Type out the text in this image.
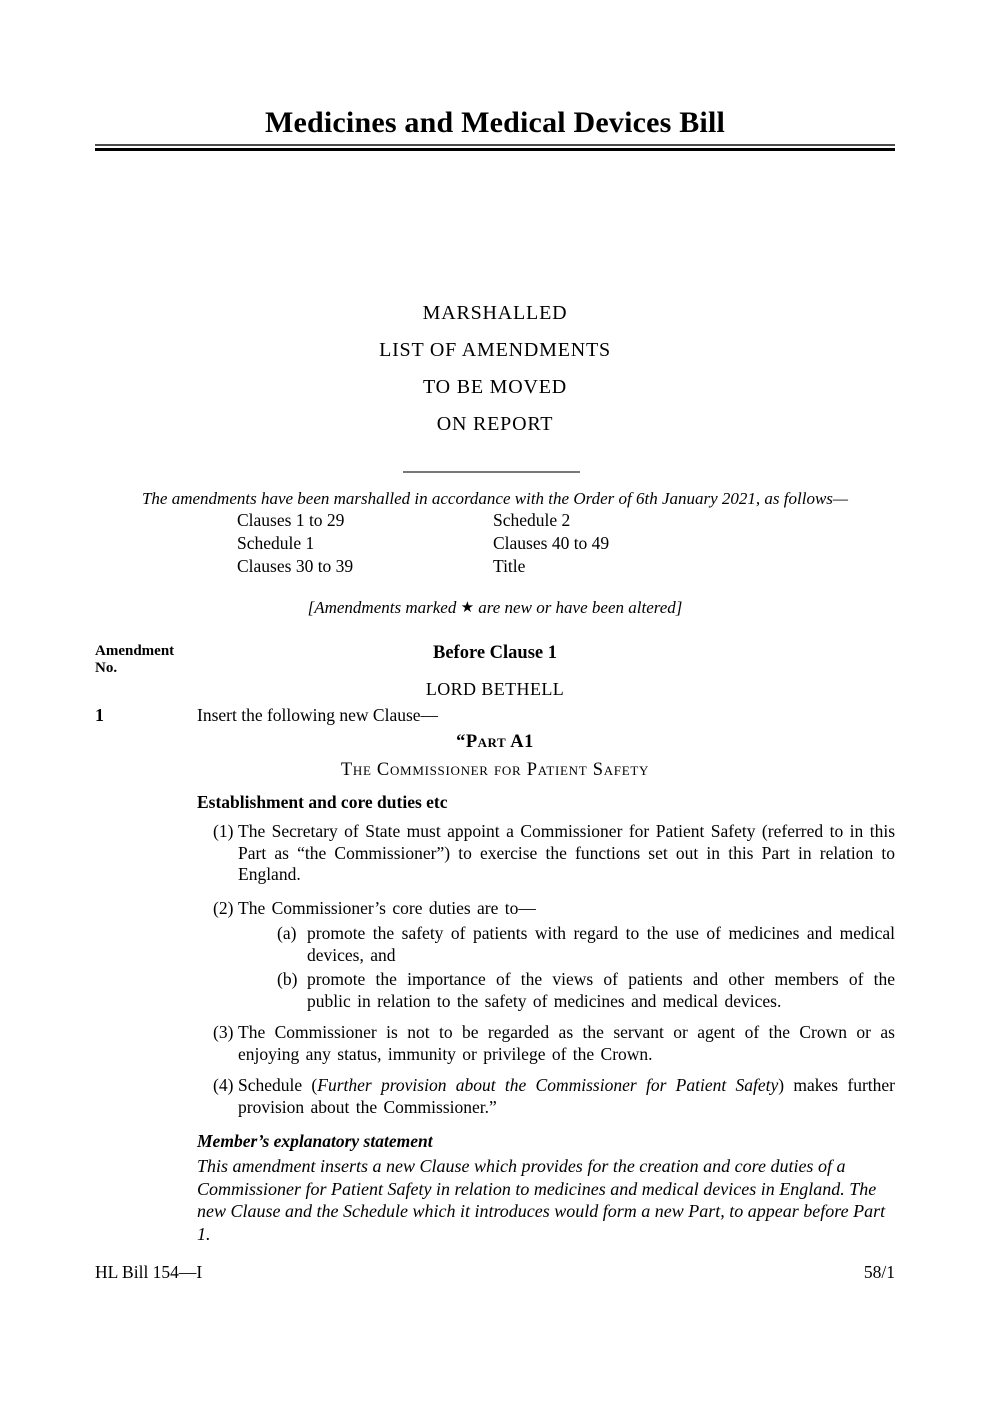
Medicines and Medical Devices Bill
MARSHALLED
LIST OF AMENDMENTS
TO BE MOVED
ON REPORT

The amendments have been marshalled in accordance with the Order of 6th January 2021, as follows—

Clauses 1 to 29
Schedule 1
Clauses 30 to 39
Schedule 2
Clauses 40 to 49
Title

[Amendments marked ★ are new or have been altered]

Amendment
No.
Before Clause 1
LORD BETHELL
1	Insert the following new Clause—
“Part A1
The Commissioner for Patient Safety
Establishment and core duties etc
(1) The Secretary of State must appoint a Commissioner for Patient Safety (referred to in this Part as “the Commissioner”) to exercise the functions set out in this Part in relation to England.
(2) The Commissioner’s core duties are to—
(a) promote the safety of patients with regard to the use of medicines and medical devices, and
(b) promote the importance of the views of patients and other members of the public in relation to the safety of medicines and medical devices.
(3) The Commissioner is not to be regarded as the servant or agent of the Crown or as enjoying any status, immunity or privilege of the Crown.
(4) Schedule (Further provision about the Commissioner for Patient Safety) makes further provision about the Commissioner.”
Member’s explanatory statement
This amendment inserts a new Clause which provides for the creation and core duties of a Commissioner for Patient Safety in relation to medicines and medical devices in England. The new Clause and the Schedule which it introduces would form a new Part, to appear before Part 1.
HL Bill 154—I	58/1
